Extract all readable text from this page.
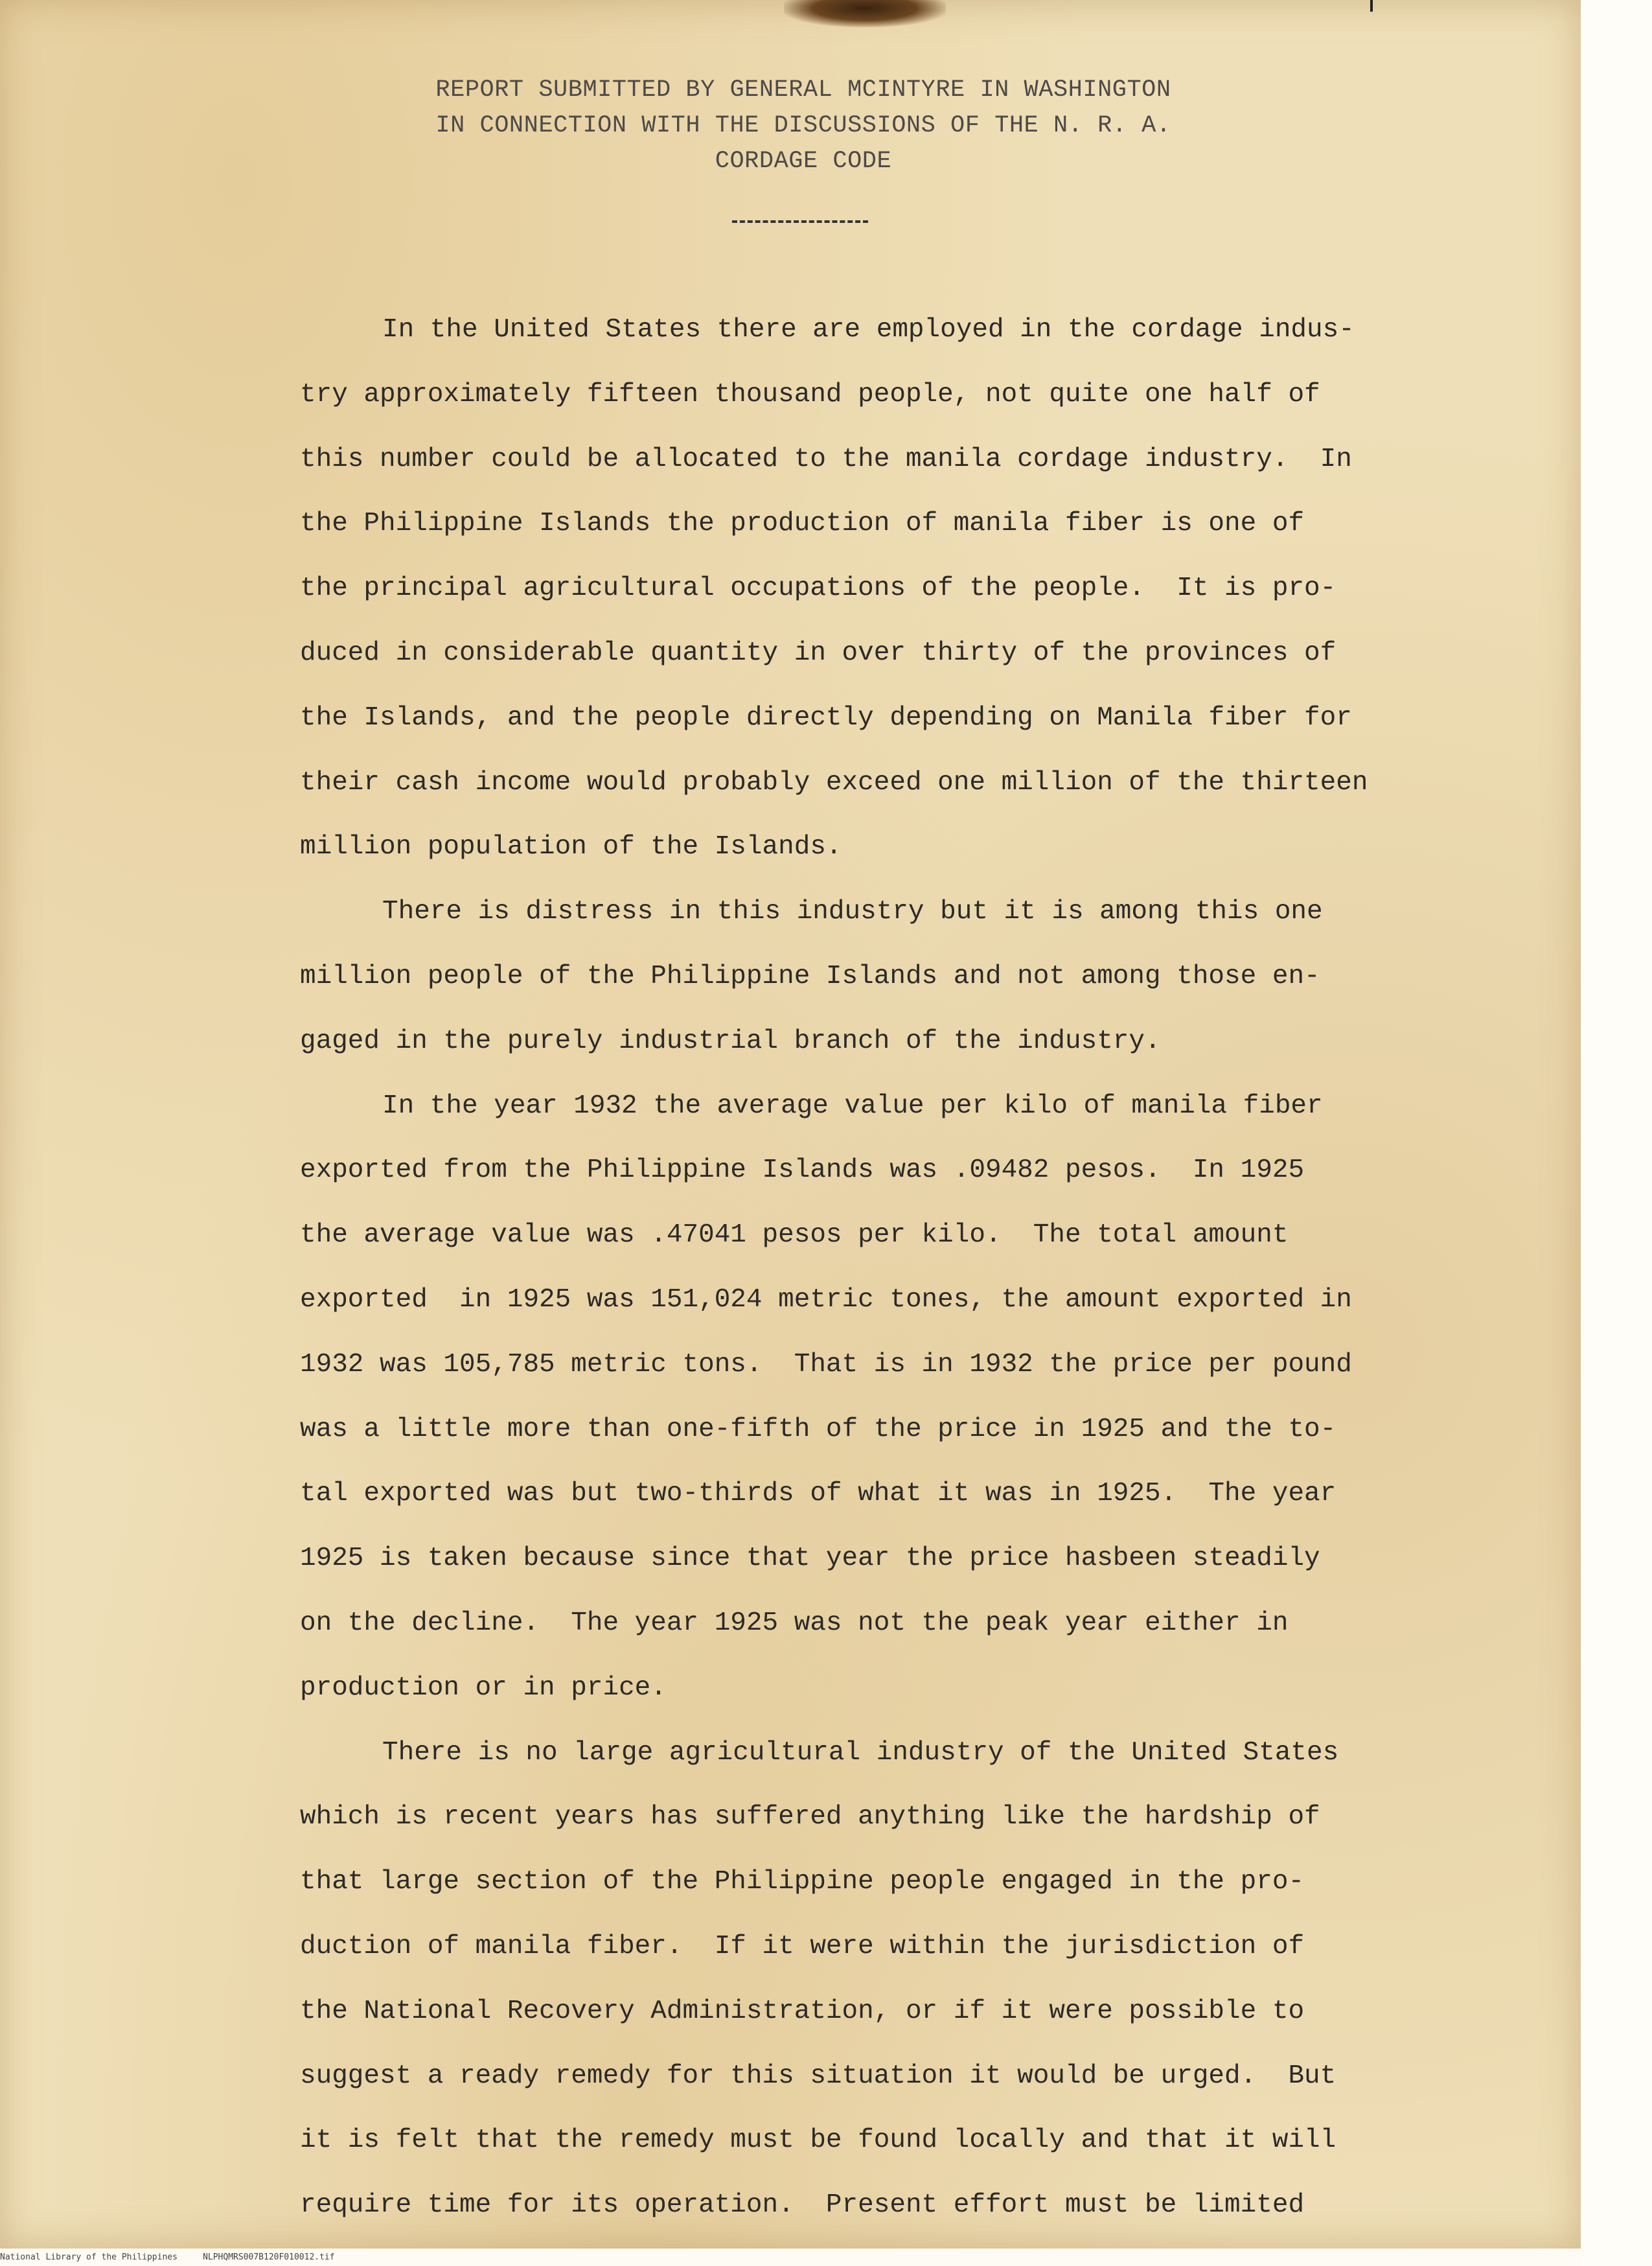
REPORT SUBMITTED BY GENERAL MCINTYRE IN WASHINGTON
IN CONNECTION WITH THE DISCUSSIONS OF THE N. R. A.
CORDAGE CODE
In the United States there are employed in the cordage indus-
try approximately fifteen thousand people, not quite one half of
this number could be allocated to the manila cordage industry.  In
the Philippine Islands the production of manila fiber is one of
the principal agricultural occupations of the people.  It is pro-
duced in considerable quantity in over thirty of the provinces of
the Islands, and the people directly depending on Manila fiber for
their cash income would probably exceed one million of the thirteen
million population of the Islands.
There is distress in this industry but it is among this one
million people of the Philippine Islands and not among those en-
gaged in the purely industrial branch of the industry.
In the year 1932 the average value per kilo of manila fiber
exported from the Philippine Islands was .09482 pesos.  In 1925
the average value was .47041 pesos per kilo.  The total amount
exported  in 1925 was 151,024 metric tones, the amount exported in
1932 was 105,785 metric tons.  That is in 1932 the price per pound
was a little more than one-fifth of the price in 1925 and the to-
tal exported was but two-thirds of what it was in 1925.  The year
1925 is taken because since that year the price hasbeen steadily
on the decline.  The year 1925 was not the peak year either in
production or in price.
There is no large agricultural industry of the United States
which is recent years has suffered anything like the hardship of
that large section of the Philippine people engaged in the pro-
duction of manila fiber.  If it were within the jurisdiction of
the National Recovery Administration, or if it were possible to
suggest a ready remedy for this situation it would be urged.  But
it is felt that the remedy must be found locally and that it will
require time for its operation.  Present effort must be limited
National Library of the Philippines	NLPHQMRS007B120F010012.tif
